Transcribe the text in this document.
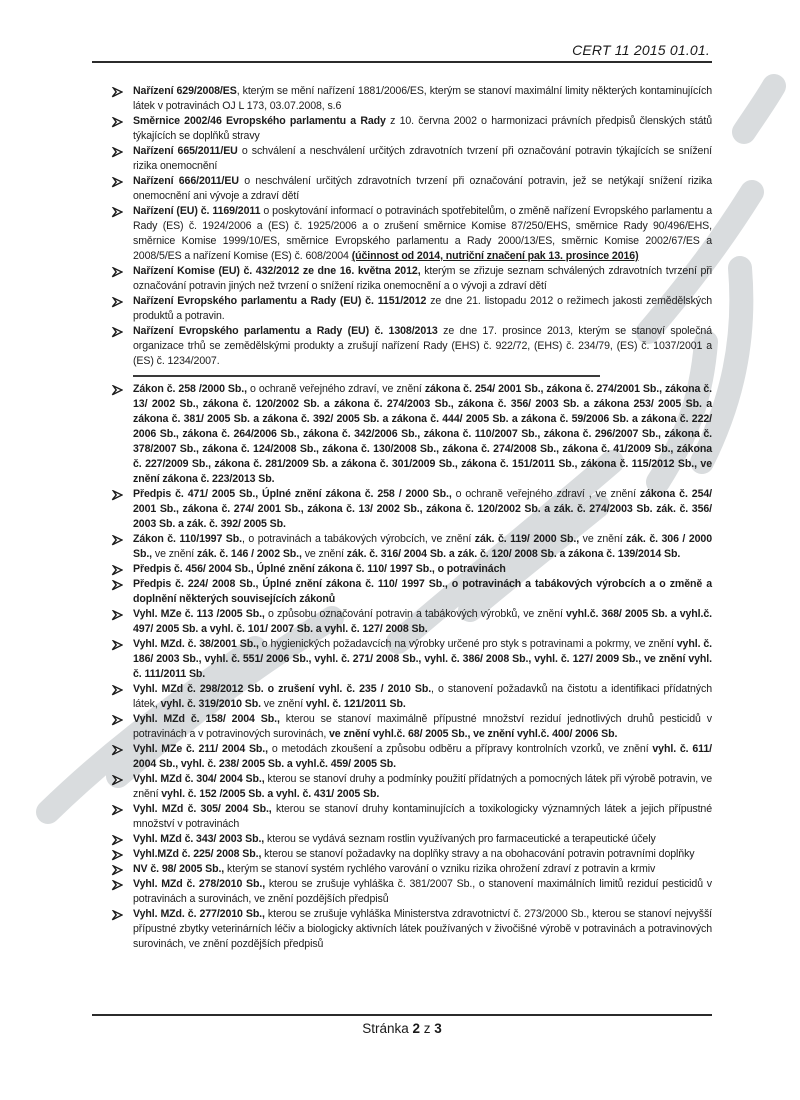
CERT 11 2015 01.01.
Nařízení 629/2008/ES, kterým se mění nařízení 1881/2006/ES, kterým se stanoví maximální limity některých kontaminujících látek v potravinách OJ L 173, 03.07.2008, s.6
Směrnice 2002/46 Evropského parlamentu a Rady z 10. června 2002 o harmonizaci právních předpisů členských států týkajících se doplňků stravy
Nařízení 665/2011/EU o schválení a neschválení určitých zdravotních tvrzení při označování potravin týkajících se snížení rizika onemocnění
Nařízení 666/2011/EU o neschválení určitých zdravotních tvrzení při označování potravin, jež se netýkají snížení rizika onemocnění ani vývoje a zdraví dětí
Nařízení (EU) č. 1169/2011 o poskytování informací o potravinách spotřebitelům, o změně nařízení Evropského parlamentu a Rady (ES) č. 1924/2006 a (ES) č. 1925/2006 a o zrušení směrnice Komise 87/250/EHS, směrnice Rady 90/496/EHS, směrnice Komise 1999/10/ES, směrnice Evropského parlamentu a Rady 2000/13/ES, směrnic Komise 2002/67/ES a 2008/5/ES a nařízení Komise (ES) č. 608/2004 (účinnost od 2014, nutriční značení pak 13. prosince 2016)
Nařízení Komise (EU) č. 432/2012 ze dne 16. května 2012, kterým se zřizuje seznam schválených zdravotních tvrzení při označování potravin jiných než tvrzení o snížení rizika onemocnění a o vývoji a zdraví dětí
Nařízení Evropského parlamentu a Rady (EU) č. 1151/2012 ze dne 21. listopadu 2012 o režimech jakosti zemědělských produktů a potravin.
Nařízení Evropského parlamentu a Rady (EU) č. 1308/2013 ze dne 17. prosince 2013, kterým se stanoví společná organizace trhů se zemědělskými produkty a zrušují nařízení Rady (EHS) č. 922/72, (EHS) č. 234/79, (ES) č. 1037/2001 a (ES) č. 1234/2007.
Zákon č. 258 /2000 Sb., o ochraně veřejného zdraví, ve znění zákona č. 254/ 2001 Sb., zákona č. 274/2001 Sb., zákona č. 13/ 2002 Sb., zákona č. 120/2002 Sb. a zákona č. 274/2003 Sb., zákona č. 356/ 2003 Sb. a zákona 253/ 2005 Sb. a zákona č. 381/ 2005 Sb. a zákona č. 392/ 2005 Sb. a zákona č. 444/ 2005 Sb. a zákona č. 59/2006 Sb. a zákona č. 222/ 2006 Sb., zákona č. 264/2006 Sb., zákona č. 342/2006 Sb., zákona č. 110/2007 Sb., zákona č. 296/2007 Sb., zákona č. 378/2007 Sb., zákona č. 124/2008 Sb., zákona č. 130/2008 Sb., zákona č. 274/2008 Sb., zákona č. 41/2009 Sb., zákona č. 227/2009 Sb., zákona č. 281/2009 Sb. a zákona č. 301/2009 Sb., zákona č. 151/2011 Sb., zákona č. 115/2012 Sb., ve znění zákona č. 223/2013 Sb.
Předpis č. 471/ 2005 Sb., Úplné znění zákona č. 258 / 2000 Sb., o ochraně veřejného zdraví , ve znění zákona č. 254/ 2001 Sb., zákona č. 274/ 2001 Sb., zákona č. 13/ 2002 Sb., zákona č. 120/2002 Sb. a zák. č. 274/2003 Sb. zák. č. 356/ 2003 Sb. a zák. č. 392/ 2005 Sb.
Zákon č. 110/1997 Sb., o potravinách a tabákových výrobcích, ve znění zák. č. 119/ 2000 Sb., ve znění zák. č. 306 / 2000 Sb., ve znění zák. č. 146 / 2002 Sb., ve znění zák. č. 316/ 2004 Sb. a zák. č. 120/ 2008 Sb. a zákona č. 139/2014 Sb.
Předpis č. 456/ 2004 Sb., Úplné znění zákona č. 110/ 1997 Sb., o potravinách
Předpis č. 224/ 2008 Sb., Úplné znění zákona č. 110/ 1997 Sb., o potravinách a tabákových výrobcích a o změně a doplnění některých souvisejících zákonů
Vyhl. MZe č. 113 /2005 Sb., o způsobu označování potravin a tabákových výrobků, ve znění vyhl.č. 368/ 2005 Sb. a vyhl.č. 497/ 2005 Sb. a vyhl. č. 101/ 2007 Sb. a vyhl. č. 127/ 2008 Sb.
Vyhl. MZd. č. 38/2001 Sb., o hygienických požadavcích na výrobky určené pro styk s potravinami a pokrmy, ve znění vyhl. č. 186/ 2003 Sb., vyhl. č. 551/ 2006 Sb., vyhl. č. 271/ 2008 Sb., vyhl. č. 386/ 2008 Sb., vyhl. č. 127/ 2009 Sb., ve znění vyhl. č. 111/2011 Sb.
Vyhl. MZd č. 298/2012 Sb. o zrušení vyhl. č. 235 / 2010 Sb., o stanovení požadavků na čistotu a identifikaci přídatných látek, vyhl. č. 319/2010 Sb. ve znění vyhl. č. 121/2011 Sb.
Vyhl. MZd č. 158/ 2004 Sb., kterou se stanoví maximálně přípustné množství reziduí jednotlivých druhů pesticidů v potravinách a v potravinových surovinách, ve znění vyhl.č. 68/ 2005 Sb., ve znění vyhl.č. 400/ 2006 Sb.
Vyhl. MZe č. 211/ 2004 Sb., o metodách zkoušení a způsobu odběru a přípravy kontrolních vzorků, ve znění vyhl. č. 611/ 2004 Sb., vyhl. č. 238/ 2005 Sb. a vyhl.č. 459/ 2005 Sb.
Vyhl. MZd č. 304/ 2004 Sb., kterou se stanoví druhy a podmínky použití přídatných a pomocných látek při výrobě potravin, ve znění vyhl. č. 152 /2005 Sb. a vyhl. č. 431/ 2005 Sb.
Vyhl. MZd č. 305/ 2004 Sb., kterou se stanoví druhy kontaminujících a toxikologicky významných látek a jejich přípustné množství v potravinách
Vyhl. MZd č. 343/ 2003 Sb., kterou se vydává seznam rostlin využívaných pro farmaceutické a terapeutické účely
Vyhl.MZd č. 225/ 2008 Sb., kterou se stanoví požadavky na doplňky stravy a na obohacování potravin potravními doplňky
NV č. 98/ 2005 Sb., kterým se stanoví systém rychlého varování o vzniku rizika ohrožení zdraví z potravin a krmiv
Vyhl. MZd č. 278/2010 Sb., kterou se zrušuje vyhláška č. 381/2007 Sb., o stanovení maximálních limitů reziduí pesticidů v potravinách a surovinách, ve znění pozdějších předpisů
Vyhl. MZd. č. 277/2010 Sb., kterou se zrušuje vyhláška Ministerstva zdravotnictví č. 273/2000 Sb., kterou se stanoví nejvyšší přípustné zbytky veterinárních léčiv a biologicky aktivních látek používaných v živočišné výrobě v potravinách a potravinových surovinách, ve znění pozdějších předpisů
Stránka 2 z 3
